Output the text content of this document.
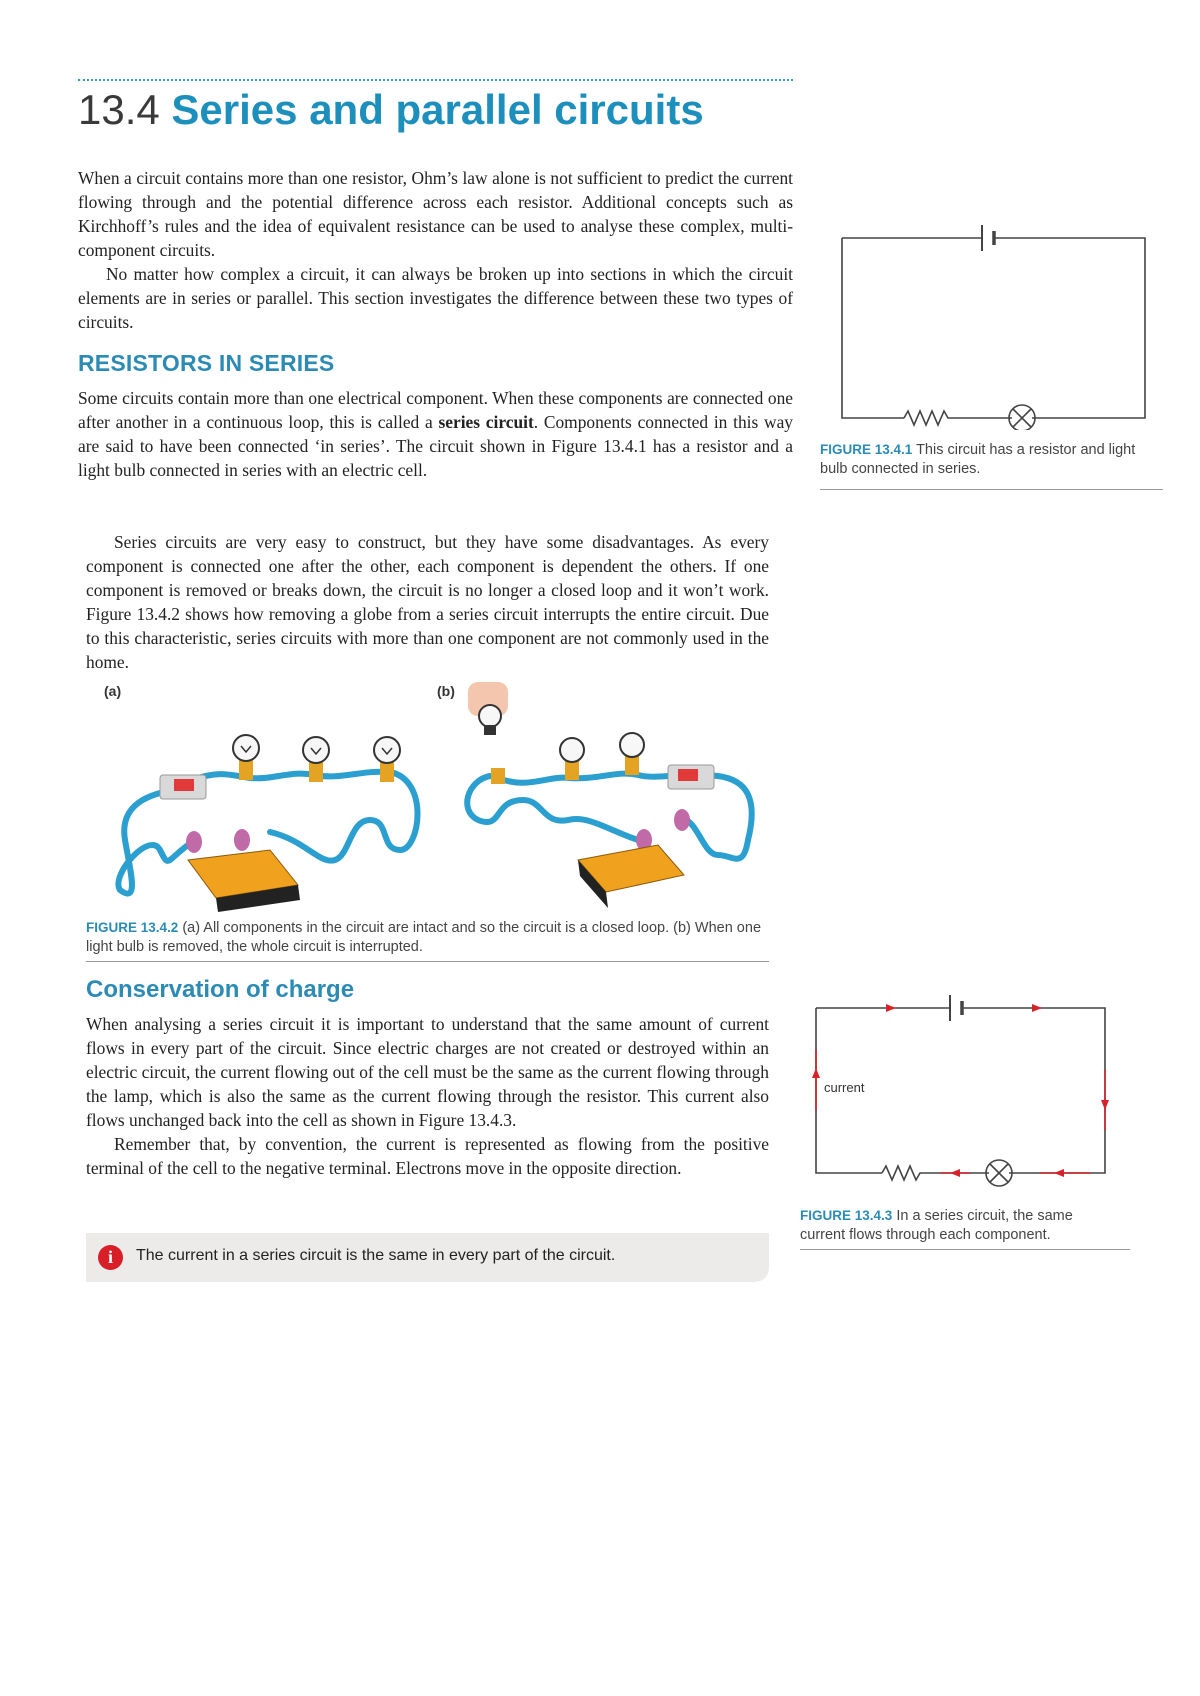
13.4 Series and parallel circuits

When a circuit contains more than one resistor, Ohm’s law alone is not sufficient to predict the current flowing through and the potential difference across each resistor. Additional concepts such as Kirchhoff’s rules and the idea of equivalent resistance can be used to analyse these complex, multi-component circuits.

No matter how complex a circuit, it can always be broken up into sections in which the circuit elements are in series or parallel. This section investigates the difference between these two types of circuits.

RESISTORS IN SERIES

Some circuits contain more than one electrical component. When these components are connected one after another in a continuous loop, this is called a series circuit. Components connected in this way are said to have been connected ‘in series’. The circuit shown in Figure 13.4.1 has a resistor and a light bulb connected in series with an electric cell.

Series circuits are very easy to construct, but they have some disadvantages. As every component is connected one after the other, each component is dependent the others. If one component is removed or breaks down, the circuit is no longer a closed loop and it won’t work. Figure 13.4.2 shows how removing a globe from a series circuit interrupts the entire circuit. Due to this characteristic, series circuits with more than one component are not commonly used in the home.

FIGURE 13.4.1 This circuit has a resistor and light bulb connected in series.
(a)	(b)
FIGURE 13.4.2 (a) All components in the circuit are intact and so the circuit is a closed loop. (b) When one light bulb is removed, the whole circuit is interrupted.
Conservation of charge

When analysing a series circuit it is important to understand that the same amount of current flows in every part of the circuit. Since electric charges are not created or destroyed within an electric circuit, the current flowing out of the cell must be the same as the current flowing through the lamp, which is also the same as the current flowing through the resistor. This current also flows unchanged back into the cell as shown in Figure 13.4.3.

Remember that, by convention, the current is represented as flowing from the positive terminal of the cell to the negative terminal. Electrons move in the opposite direction.

current
FIGURE 13.4.3 In a series circuit, the same current flows through each component.
i	The current in a series circuit is the same in every part of the circuit.
